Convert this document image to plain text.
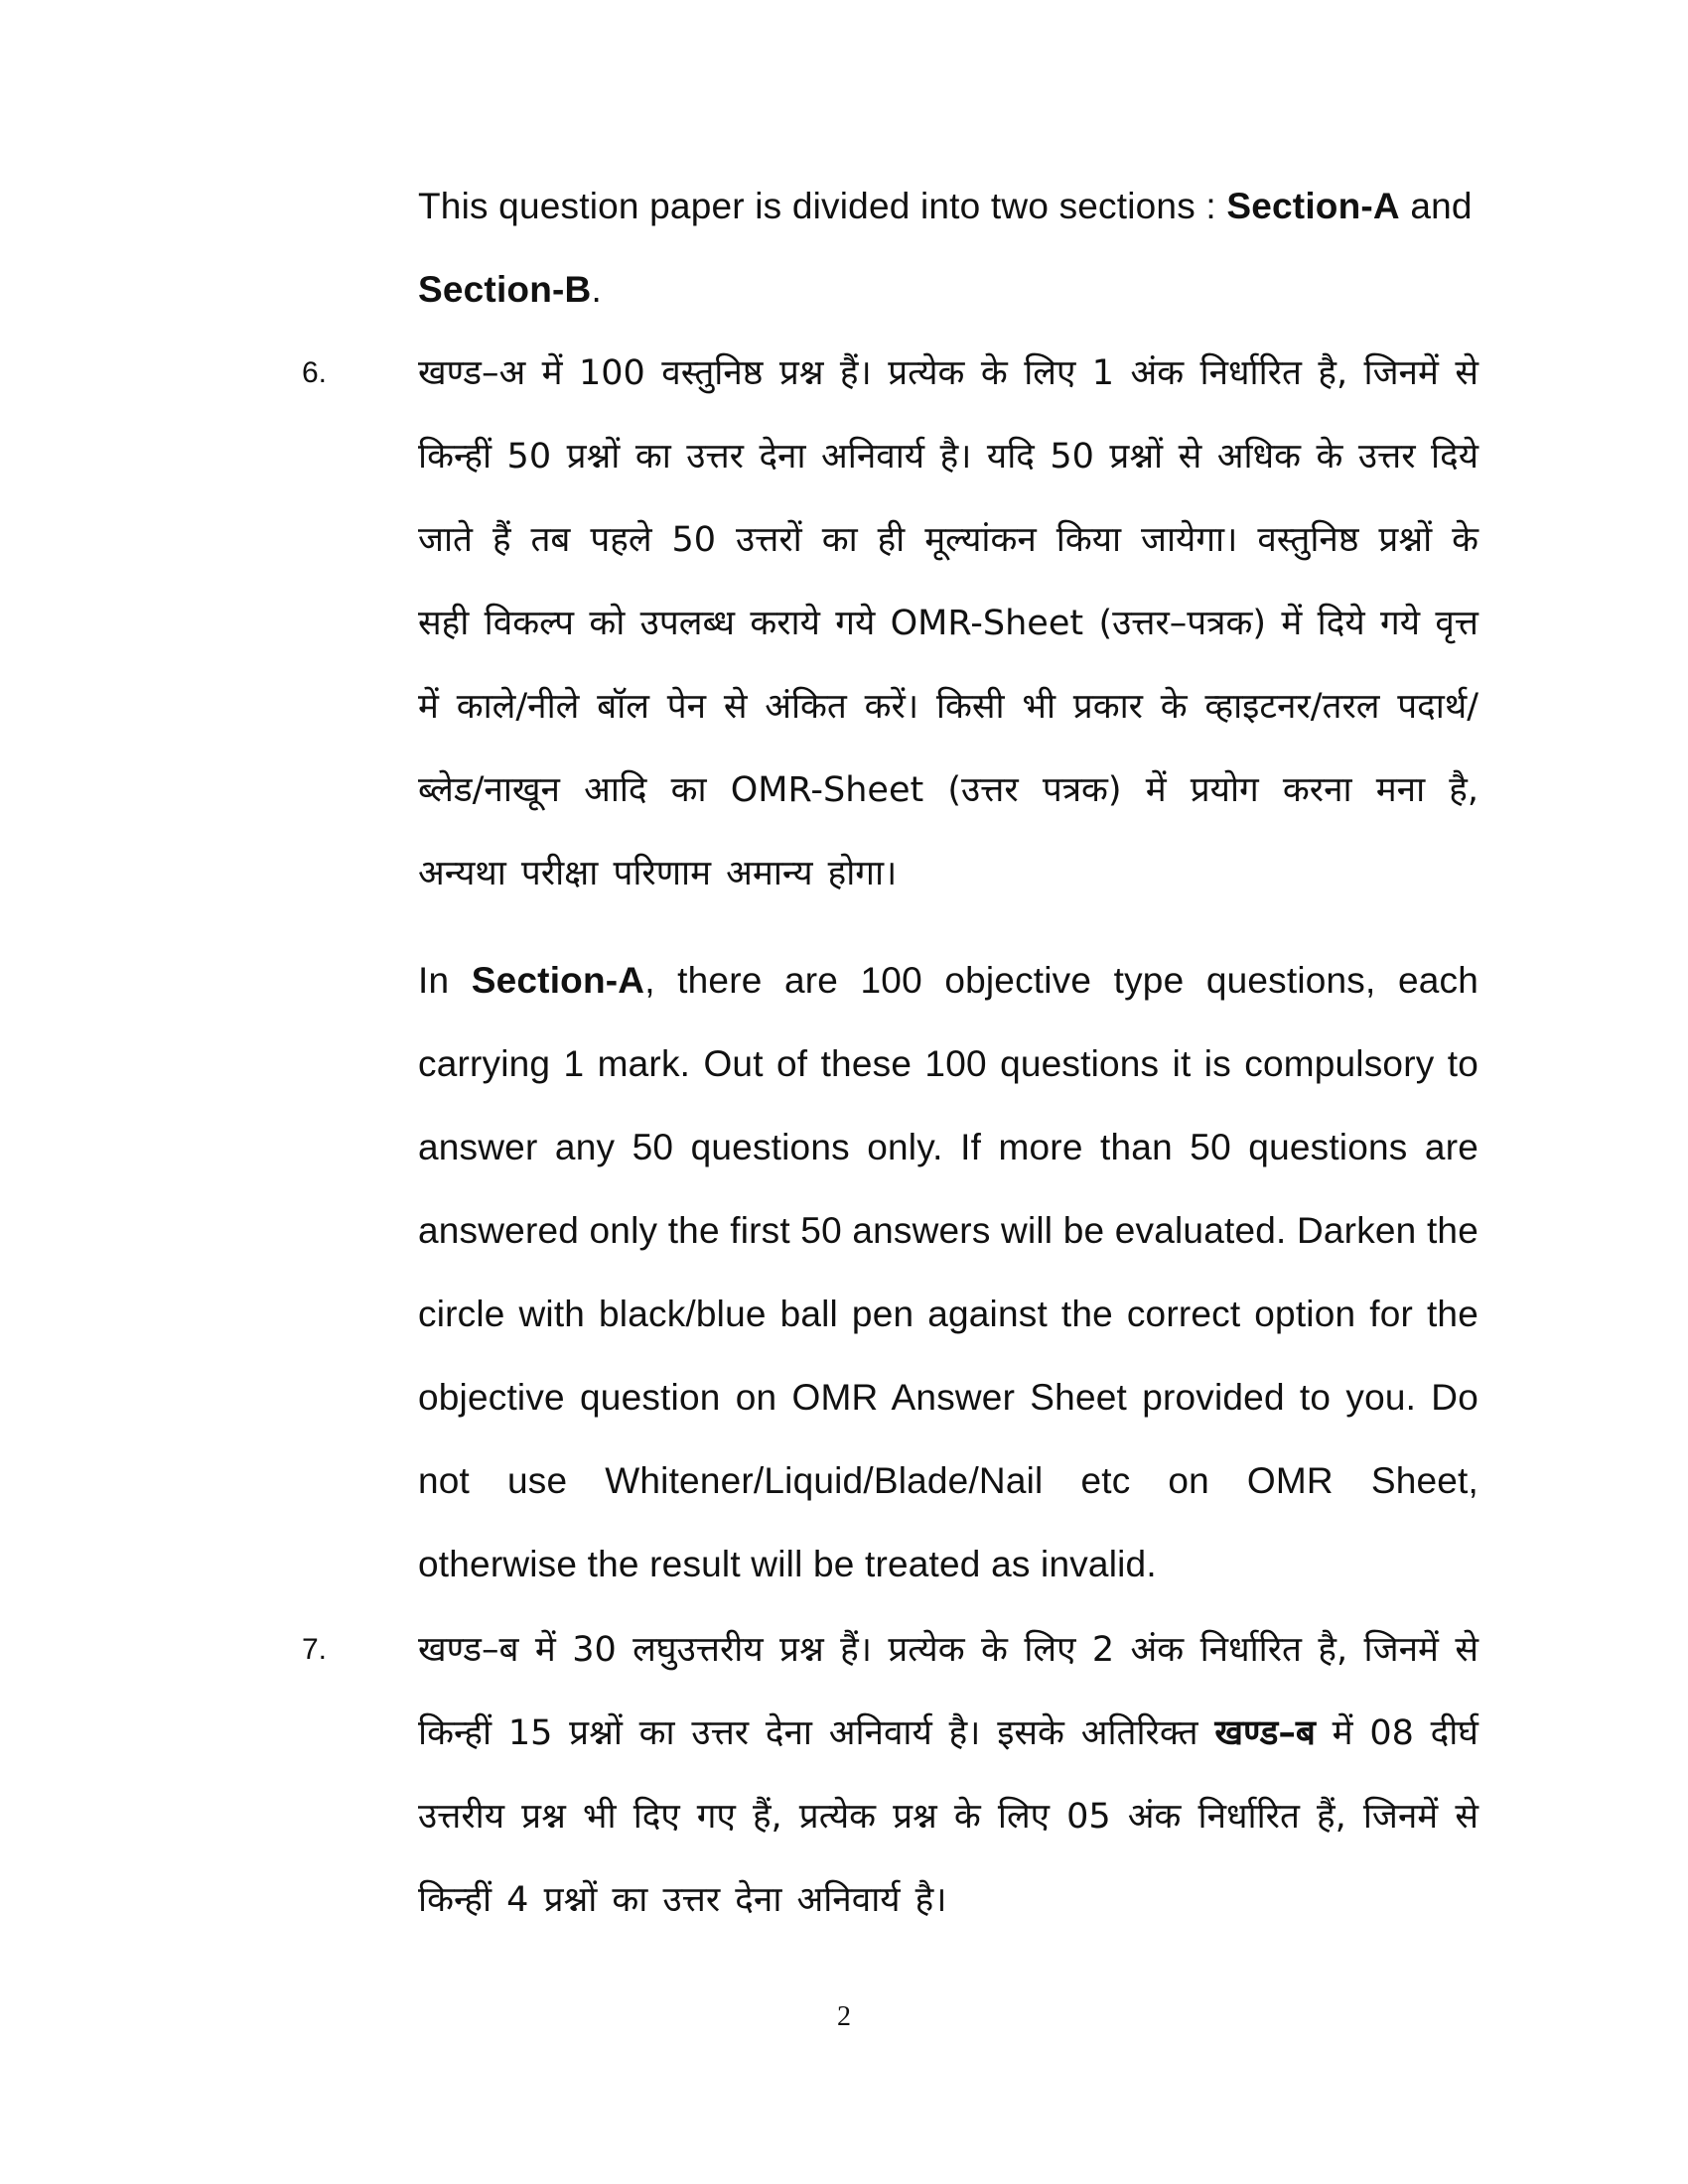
This question paper is divided into two sections : Section-A and
Section-B.

6.	खण्ड–अ में 100 वस्तुनिष्ठ प्रश्न हैं। प्रत्येक के लिए 1 अंक निर्धारित है, जिनमें से किन्हीं 50 प्रश्नों का उत्तर देना अनिवार्य है। यदि 50 प्रश्नों से अधिक के उत्तर दिये जाते हैं तब पहले 50 उत्तरों का ही मूल्यांकन किया जायेगा। वस्तुनिष्ठ प्रश्नों के सही विकल्प को उपलब्ध कराये गये OMR-Sheet (उत्तर–पत्रक) में दिये गये वृत्त में काले/नीले बॉल पेन से अंकित करें। किसी भी प्रकार के व्हाइटनर/तरल पदार्थ/ब्लेड/नाखून आदि का OMR-Sheet (उत्तर पत्रक) में प्रयोग करना मना है, अन्यथा परीक्षा परिणाम अमान्य होगा।

In Section-A, there are 100 objective type questions, each carrying 1 mark. Out of these 100 questions it is compulsory to answer any 50 questions only. If more than 50 questions are answered only the first 50 answers will be evaluated. Darken the circle with black/blue ball pen against the correct option for the objective question on OMR Answer Sheet provided to you. Do not use Whitener/Liquid/Blade/Nail etc on OMR Sheet, otherwise the result will be treated as invalid.

7.	खण्ड–ब में 30 लघुउत्तरीय प्रश्न हैं। प्रत्येक के लिए 2 अंक निर्धारित है, जिनमें से किन्हीं 15 प्रश्नों का उत्तर देना अनिवार्य है। इसके अतिरिक्त खण्ड–ब में 08 दीर्घ उत्तरीय प्रश्न भी दिए गए हैं, प्रत्येक प्रश्न के लिए 05 अंक निर्धारित हैं, जिनमें से किन्हीं 4 प्रश्नों का उत्तर देना अनिवार्य है।

2
